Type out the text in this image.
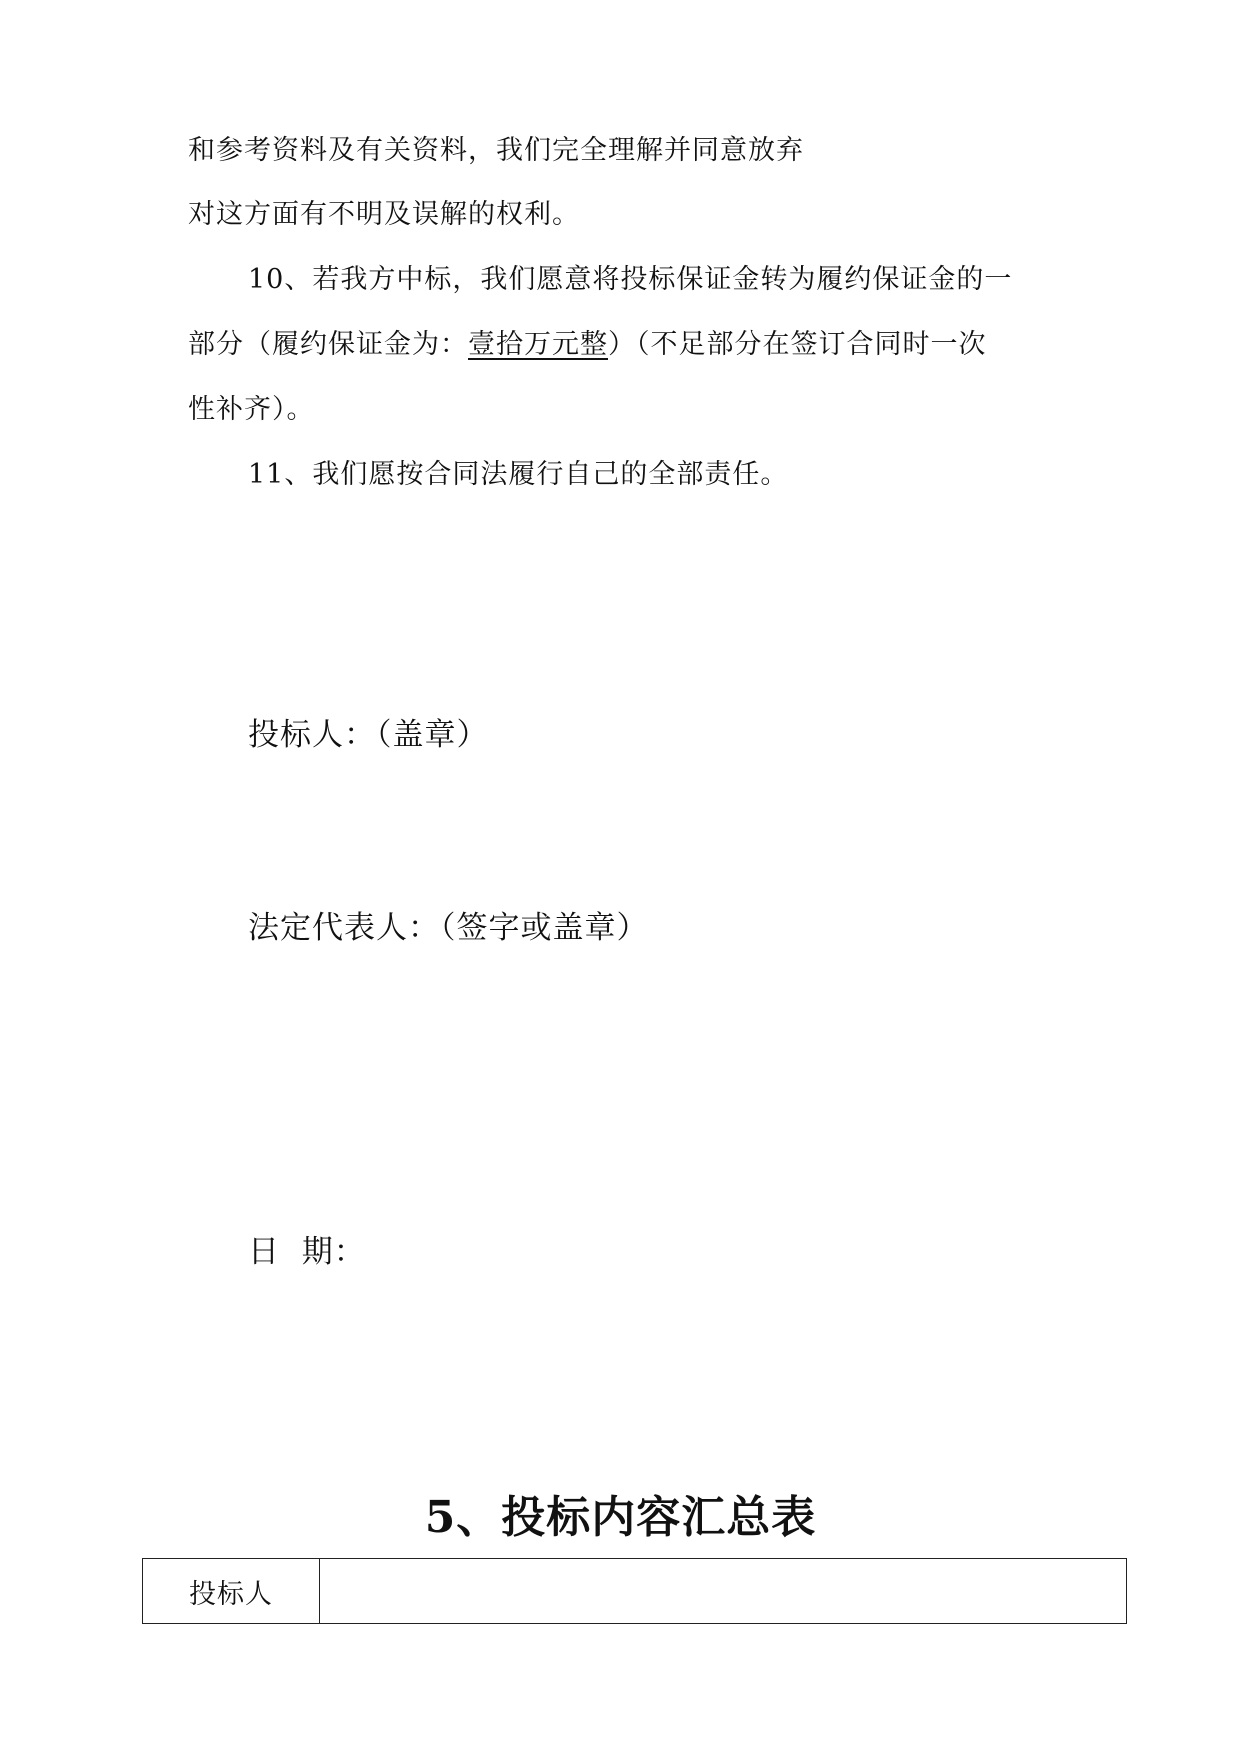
和参考资料及有关资料，我们完全理解并同意放弃
对这方面有不明及误解的权利。
10、若我方中标，我们愿意将投标保证金转为履约保证金的一
部分（履约保证金为：壹拾万元整）（不足部分在签订合同时一次
性补齐）。
11、我们愿按合同法履行自己的全部责任。
投标人：（盖章）
法定代表人：（签字或盖章）
日  期：
5、投标内容汇总表
投标人	
